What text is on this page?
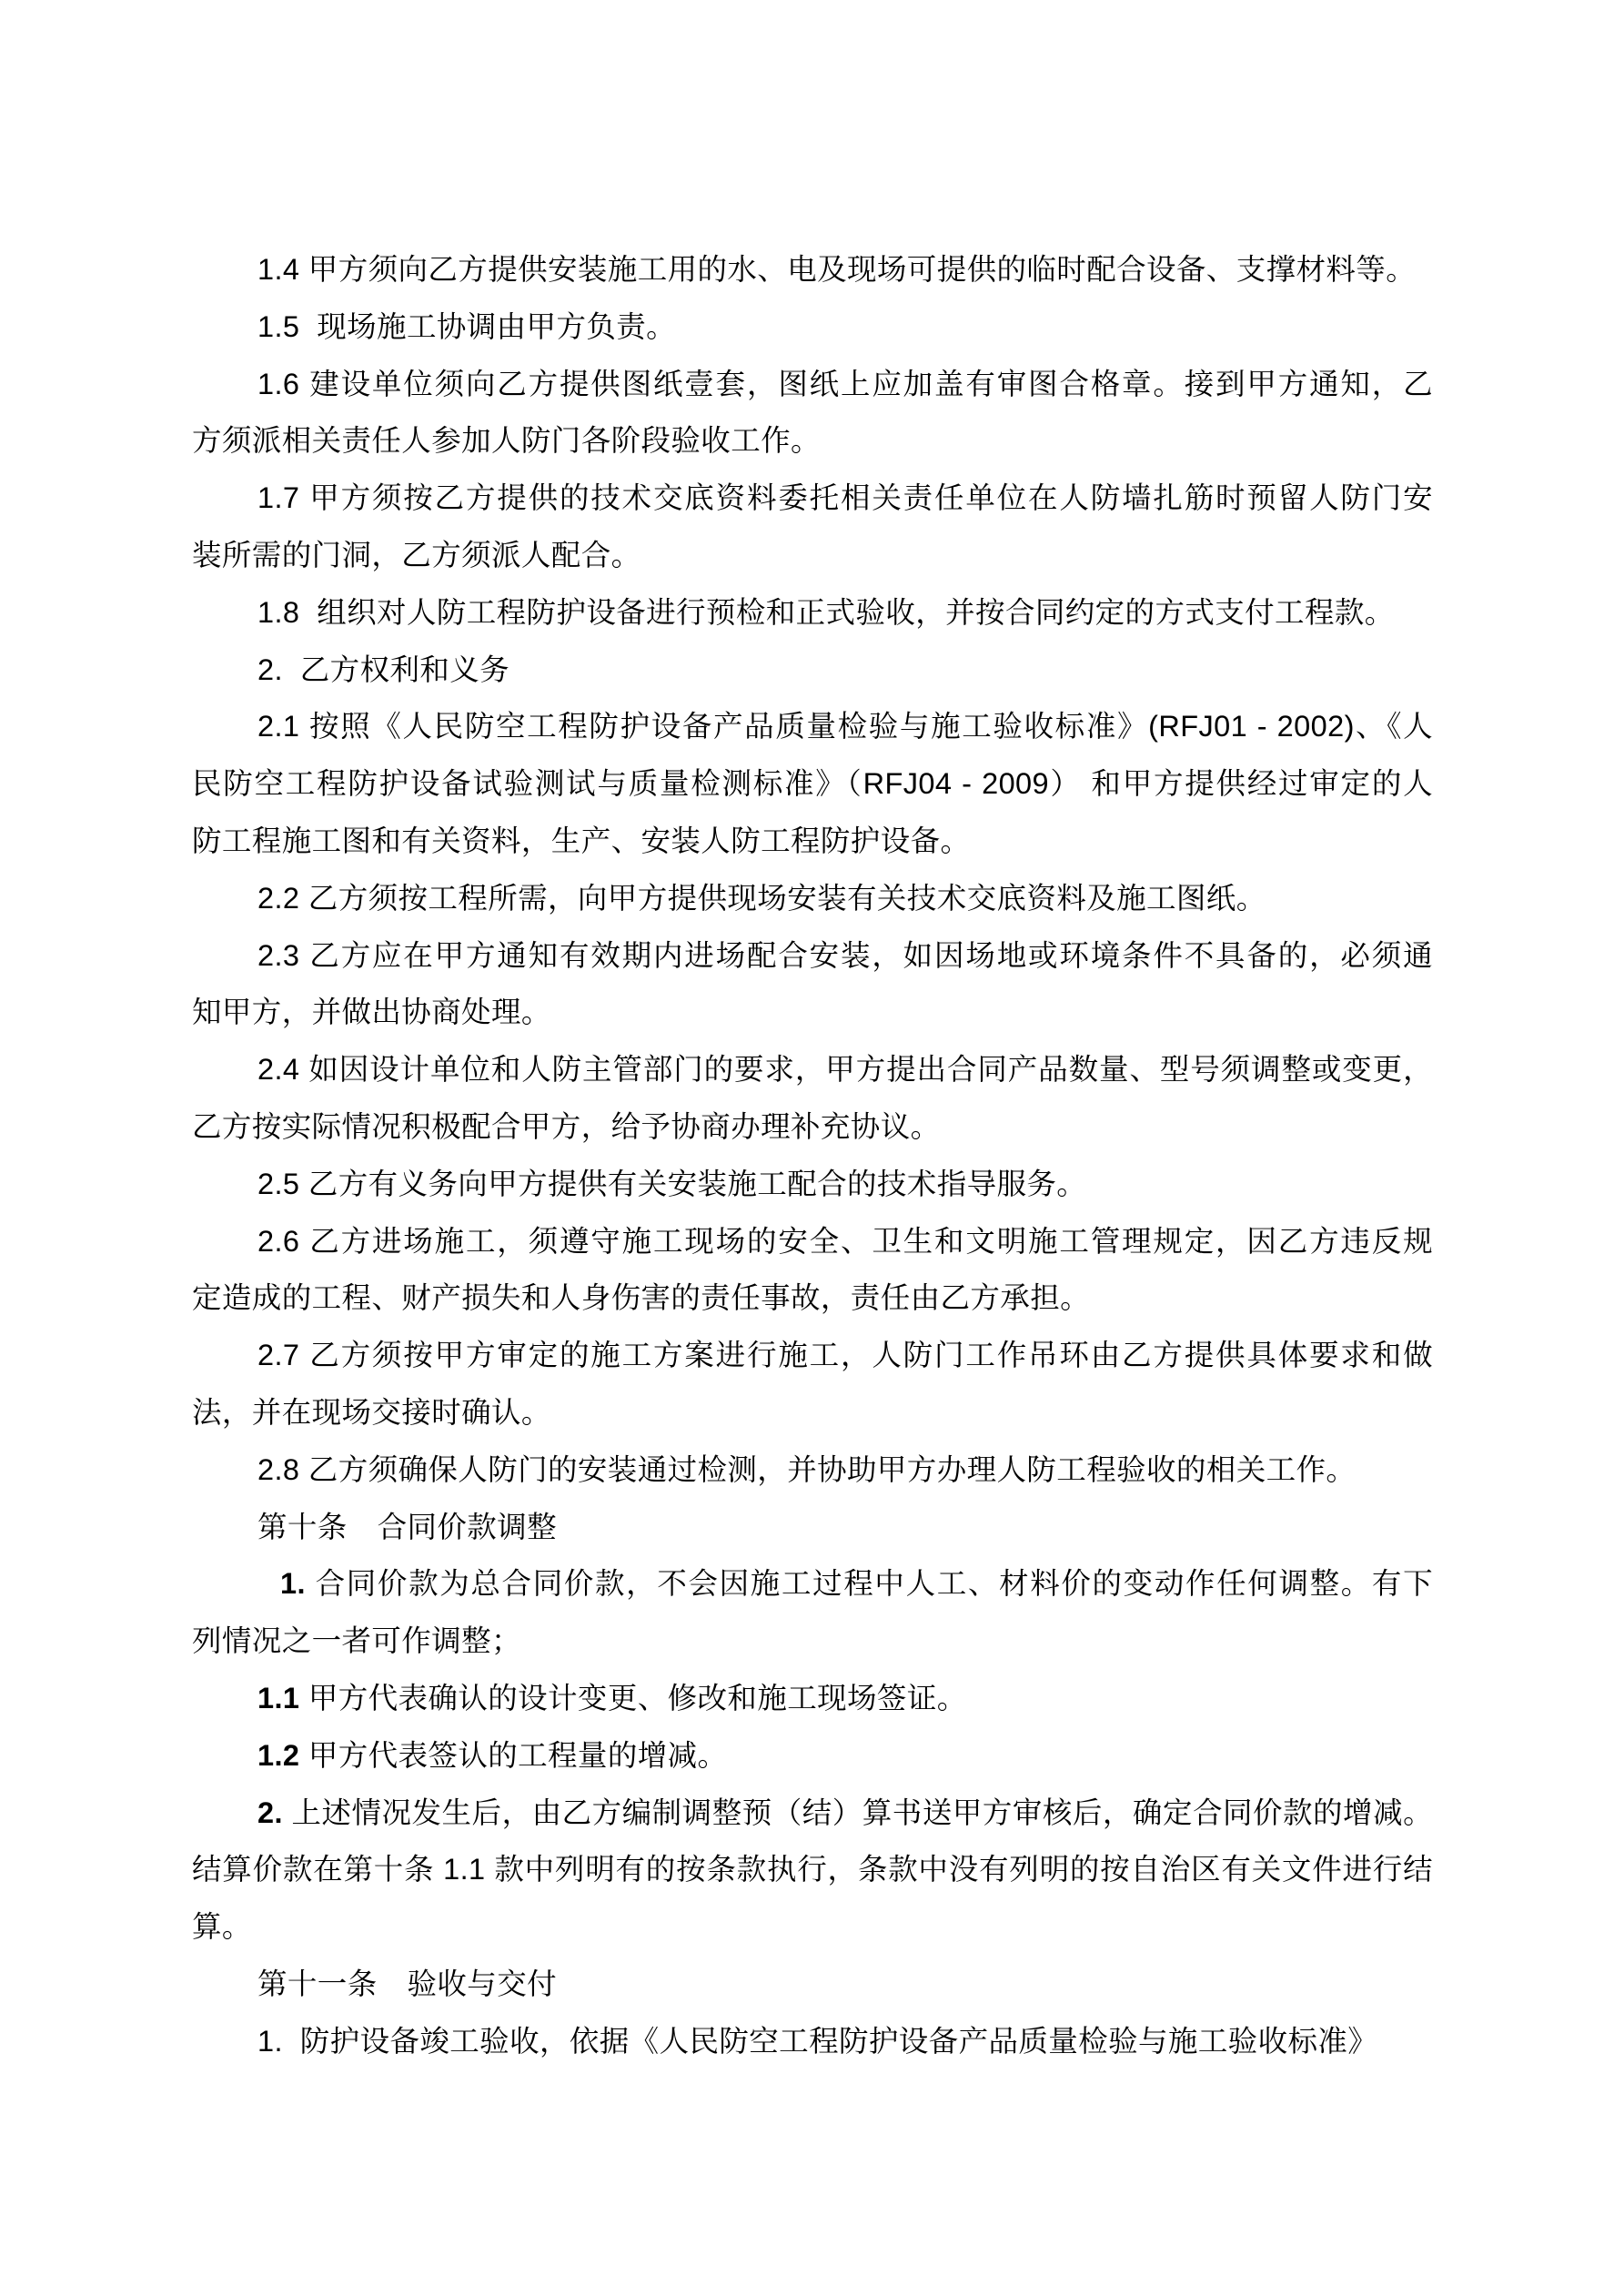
1.4 甲方须向乙方提供安装施工用的水、电及现场可提供的临时配合设备、支撑材料等。
1.5  现场施工协调由甲方负责。
1.6 建设单位须向乙方提供图纸壹套，图纸上应加盖有审图合格章。接到甲方通知，乙
方须派相关责任人参加人防门各阶段验收工作。
1.7 甲方须按乙方提供的技术交底资料委托相关责任单位在人防墙扎筋时预留人防门安
装所需的门洞，乙方须派人配合。
1.8  组织对人防工程防护设备进行预检和正式验收，并按合同约定的方式支付工程款。
2.  乙方权利和义务
2.1 按照《人民防空工程防护设备产品质量检验与施工验收标准》(RFJ01 - 2002)、《人
民防空工程防护设备试验测试与质量检测标准》（RFJ04 - 2009） 和甲方提供经过审定的人
防工程施工图和有关资料，生产、安装人防工程防护设备。
2.2 乙方须按工程所需，向甲方提供现场安装有关技术交底资料及施工图纸。
2.3 乙方应在甲方通知有效期内进场配合安装，如因场地或环境条件不具备的，必须通
知甲方，并做出协商处理。
2.4 如因设计单位和人防主管部门的要求，甲方提出合同产品数量、型号须调整或变更，
乙方按实际情况积极配合甲方，给予协商办理补充协议。
2.5 乙方有义务向甲方提供有关安装施工配合的技术指导服务。
2.6 乙方进场施工，须遵守施工现场的安全、卫生和文明施工管理规定，因乙方违反规
定造成的工程、财产损失和人身伤害的责任事故，责任由乙方承担。
2.7 乙方须按甲方审定的施工方案进行施工，人防门工作吊环由乙方提供具体要求和做
法，并在现场交接时确认。
2.8 乙方须确保人防门的安装通过检测，并协助甲方办理人防工程验收的相关工作。
第十条　合同价款调整
1. 合同价款为总合同价款，不会因施工过程中人工、材料价的变动作任何调整。有下
列情况之一者可作调整；
1.1 甲方代表确认的设计变更、修改和施工现场签证。
1.2 甲方代表签认的工程量的增减。
2. 上述情况发生后，由乙方编制调整预（结）算书送甲方审核后，确定合同价款的增减。
结算价款在第十条 1.1 款中列明有的按条款执行，条款中没有列明的按自治区有关文件进行结
算。
第十一条　验收与交付
1.  防护设备竣工验收，依据《人民防空工程防护设备产品质量检验与施工验收标准》
